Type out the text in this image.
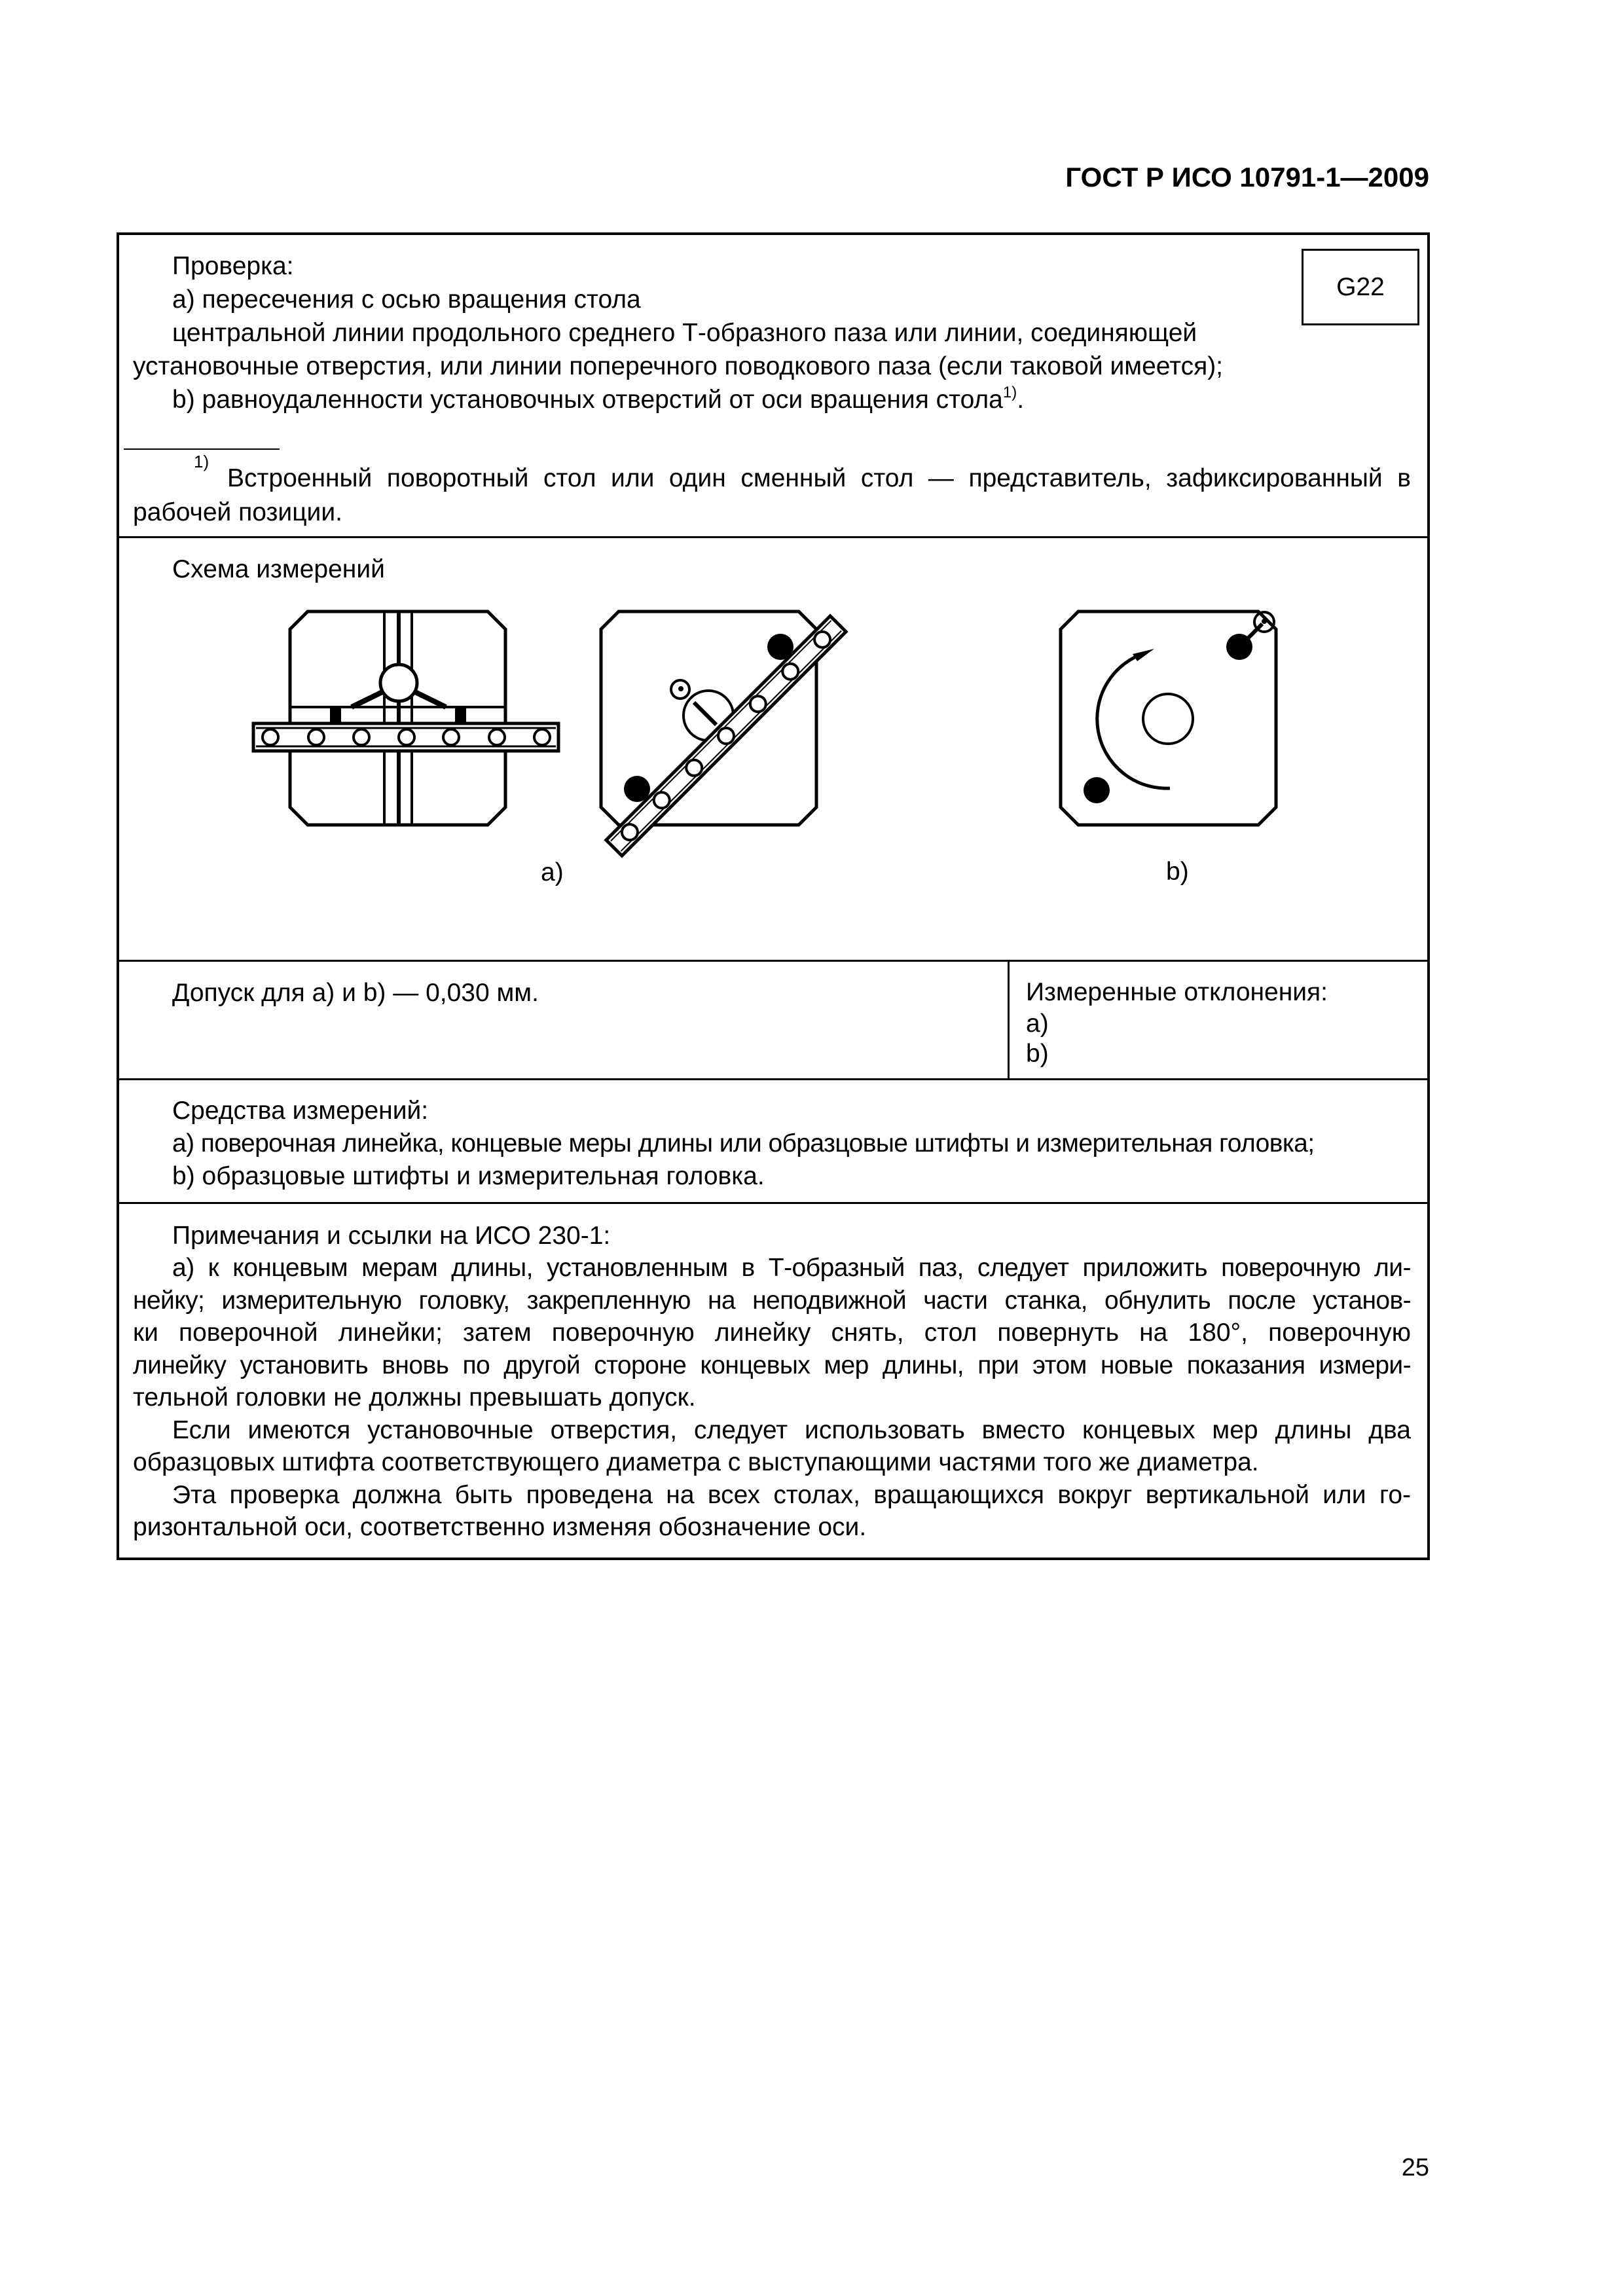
ГОСТ Р ИСО 10791-1—2009
G22
Проверка:
a) пересечения с осью вращения стола
центральной линии продольного среднего Т-образного паза или линии, соединяющей
установочные отверстия, или линии поперечного поводкового паза (если таковой имеется);
b) равноудаленности установочных отверстий от оси вращения стола$^{1)}$.
1)
Встроенный поворотный стол или один сменный стол — представитель, зафиксированный в
рабочей позиции.
Схема измерений
a)	b)
Допуск для a) и b) — 0,030 мм.	Измеренные отклонения:
a)
b)
Средства измерений:
a) поверочная линейка, концевые меры длины или образцовые штифты и измерительная головка;
b) образцовые штифты и измерительная головка.
Примечания и ссылки на ИСО 230-1:
a) к концевым мерам длины, установленным в Т-образный паз, следует приложить поверочную ли-
нейку; измерительную головку, закрепленную на неподвижной части станка, обнулить после установ-
ки поверочной линейки; затем поверочную линейку снять, стол повернуть на 180°, поверочную
линейку установить вновь по другой стороне концевых мер длины, при этом новые показания измери-
тельной головки не должны превышать допуск.
Если имеются установочные отверстия, следует использовать вместо концевых мер длины два
образцовых штифта соответствующего диаметра с выступающими частями того же диаметра.
Эта проверка должна быть проведена на всех столах, вращающихся вокруг вертикальной или го-
ризонтальной оси, соответственно изменяя обозначение оси.
25
